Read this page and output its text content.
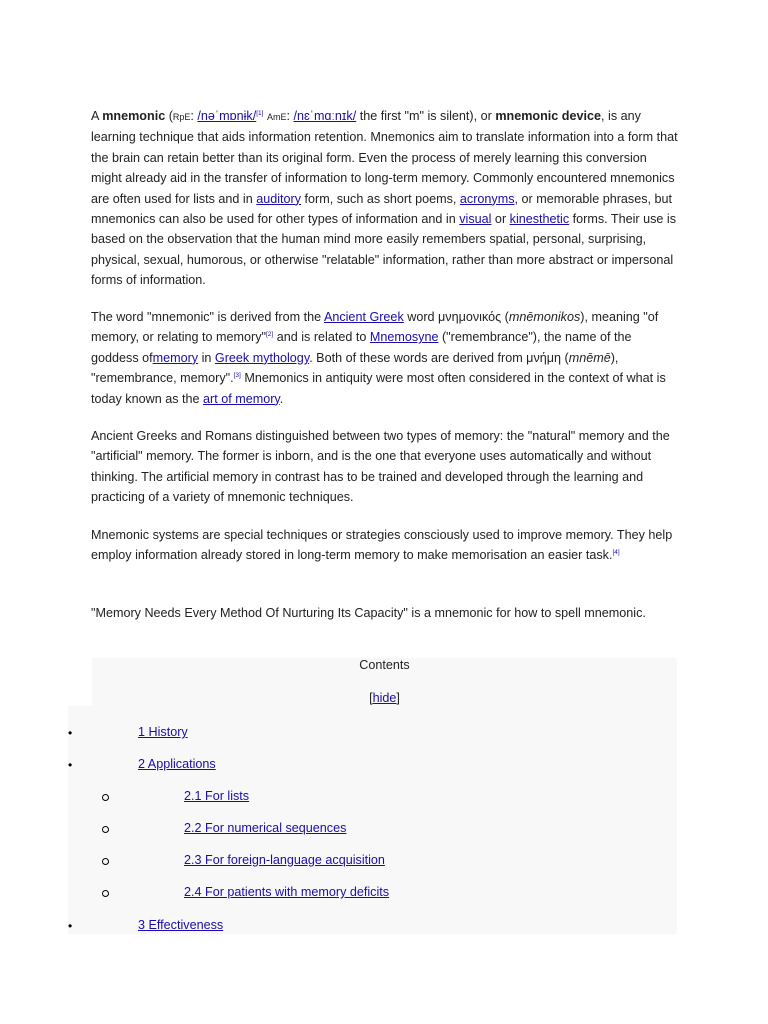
A mnemonic (RpE: /nəˈmɒnɨk/[1] AmE: /nɛˈmɑːnɪk/ the first "m" is silent), or mnemonic device, is any learning technique that aids information retention. Mnemonics aim to translate information into a form that the brain can retain better than its original form. Even the process of merely learning this conversion might already aid in the transfer of information to long-term memory. Commonly encountered mnemonics are often used for lists and in auditory form, such as short poems, acronyms, or memorable phrases, but mnemonics can also be used for other types of information and in visual or kinesthetic forms. Their use is based on the observation that the human mind more easily remembers spatial, personal, surprising, physical, sexual, humorous, or otherwise "relatable" information, rather than more abstract or impersonal forms of information.

The word "mnemonic" is derived from the Ancient Greek word μνημονικός (mnēmonikos), meaning "of memory, or relating to memory"[2] and is related to Mnemosyne ("remembrance"), the name of the goddess ofmemory in Greek mythology. Both of these words are derived from μνήμη (mnēmē), "remembrance, memory".[3] Mnemonics in antiquity were most often considered in the context of what is today known as the art of memory.

Ancient Greeks and Romans distinguished between two types of memory: the "natural" memory and the "artificial" memory. The former is inborn, and is the one that everyone uses automatically and without thinking. The artificial memory in contrast has to be trained and developed through the learning and practicing of a variety of mnemonic techniques.

Mnemonic systems are special techniques or strategies consciously used to improve memory. They help employ information already stored in long-term memory to make memorisation an easier task.[4]

"Memory Needs Every Method Of Nurturing Its Capacity" is a mnemonic for how to spell mnemonic.

Contents
[hide]
•	1 History
•	2 Applications
2.1 For lists
2.2 For numerical sequences
2.3 For foreign-language acquisition
2.4 For patients with memory deficits
•	3 Effectiveness
